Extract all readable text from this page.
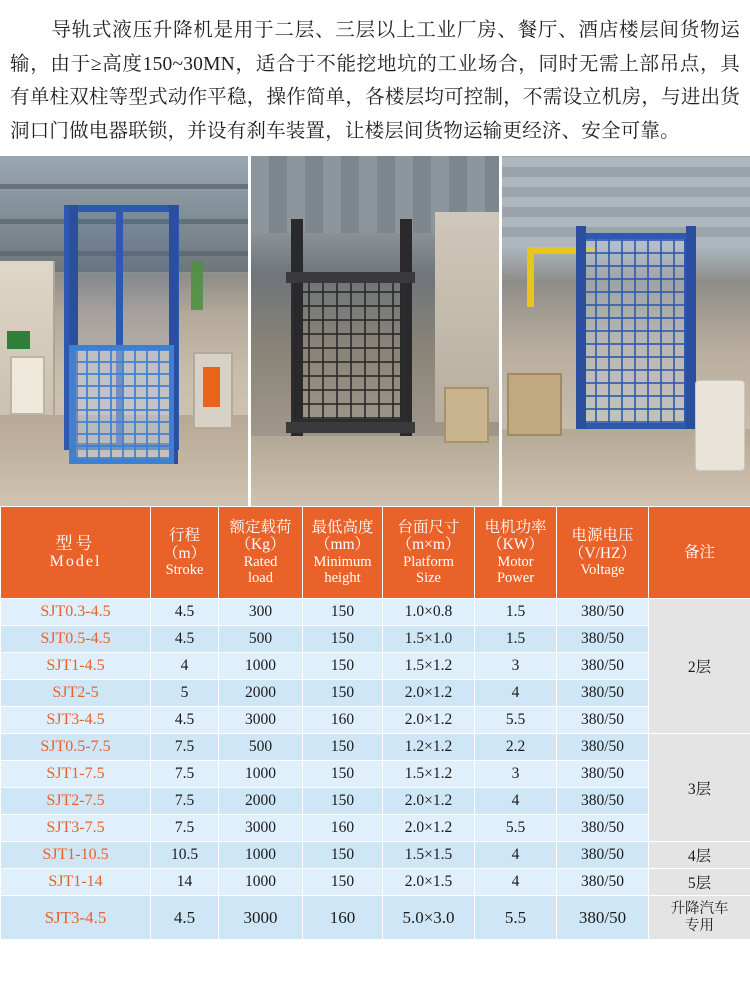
导轨式液压升降机是用于二层、三层以上工业厂房、餐厅、酒店楼层间货物运输，由于≥高度150~30MN，适合于不能挖地坑的工业场合，同时无需上部吊点，具有单柱双柱等型式动作平稳，操作简单，各楼层均可控制，不需设立机房，与进出货洞口门做电器联锁，并设有刹车装置，让楼层间货物运输更经济、安全可靠。
型号
Model	行程
（m）
Stroke	额定载荷
（Kg）
Rated
load	最低高度
（mm）
Minimum
height	台面尺寸
（m×m）
Platform
Size	电机功率
（KW）
Motor
Power	电源电压
（V/HZ）
Voltage	备注

SJT0.3-4.5	4.5	300	150	1.0×0.8	1.5	380/50	2层
SJT0.5-4.5	4.5	500	150	1.5×1.0	1.5	380/50	
SJT1-4.5	4	1000	150	1.5×1.2	3	380/50	
SJT2-5	5	2000	150	2.0×1.2	4	380/50	
SJT3-4.5	4.5	3000	160	2.0×1.2	5.5	380/50	
SJT0.5-7.5	7.5	500	150	1.2×1.2	2.2	380/50	3层
SJT1-7.5	7.5	1000	150	1.5×1.2	3	380/50	
SJT2-7.5	7.5	2000	150	2.0×1.2	4	380/50	
SJT3-7.5	7.5	3000	160	2.0×1.2	5.5	380/50	
SJT1-10.5	10.5	1000	150	1.5×1.5	4	380/50	4层
SJT1-14	14	1000	150	2.0×1.5	4	380/50	5层
SJT3-4.5	4.5	3000	160	5.0×3.0	5.5	380/50	升降汽车
专用
